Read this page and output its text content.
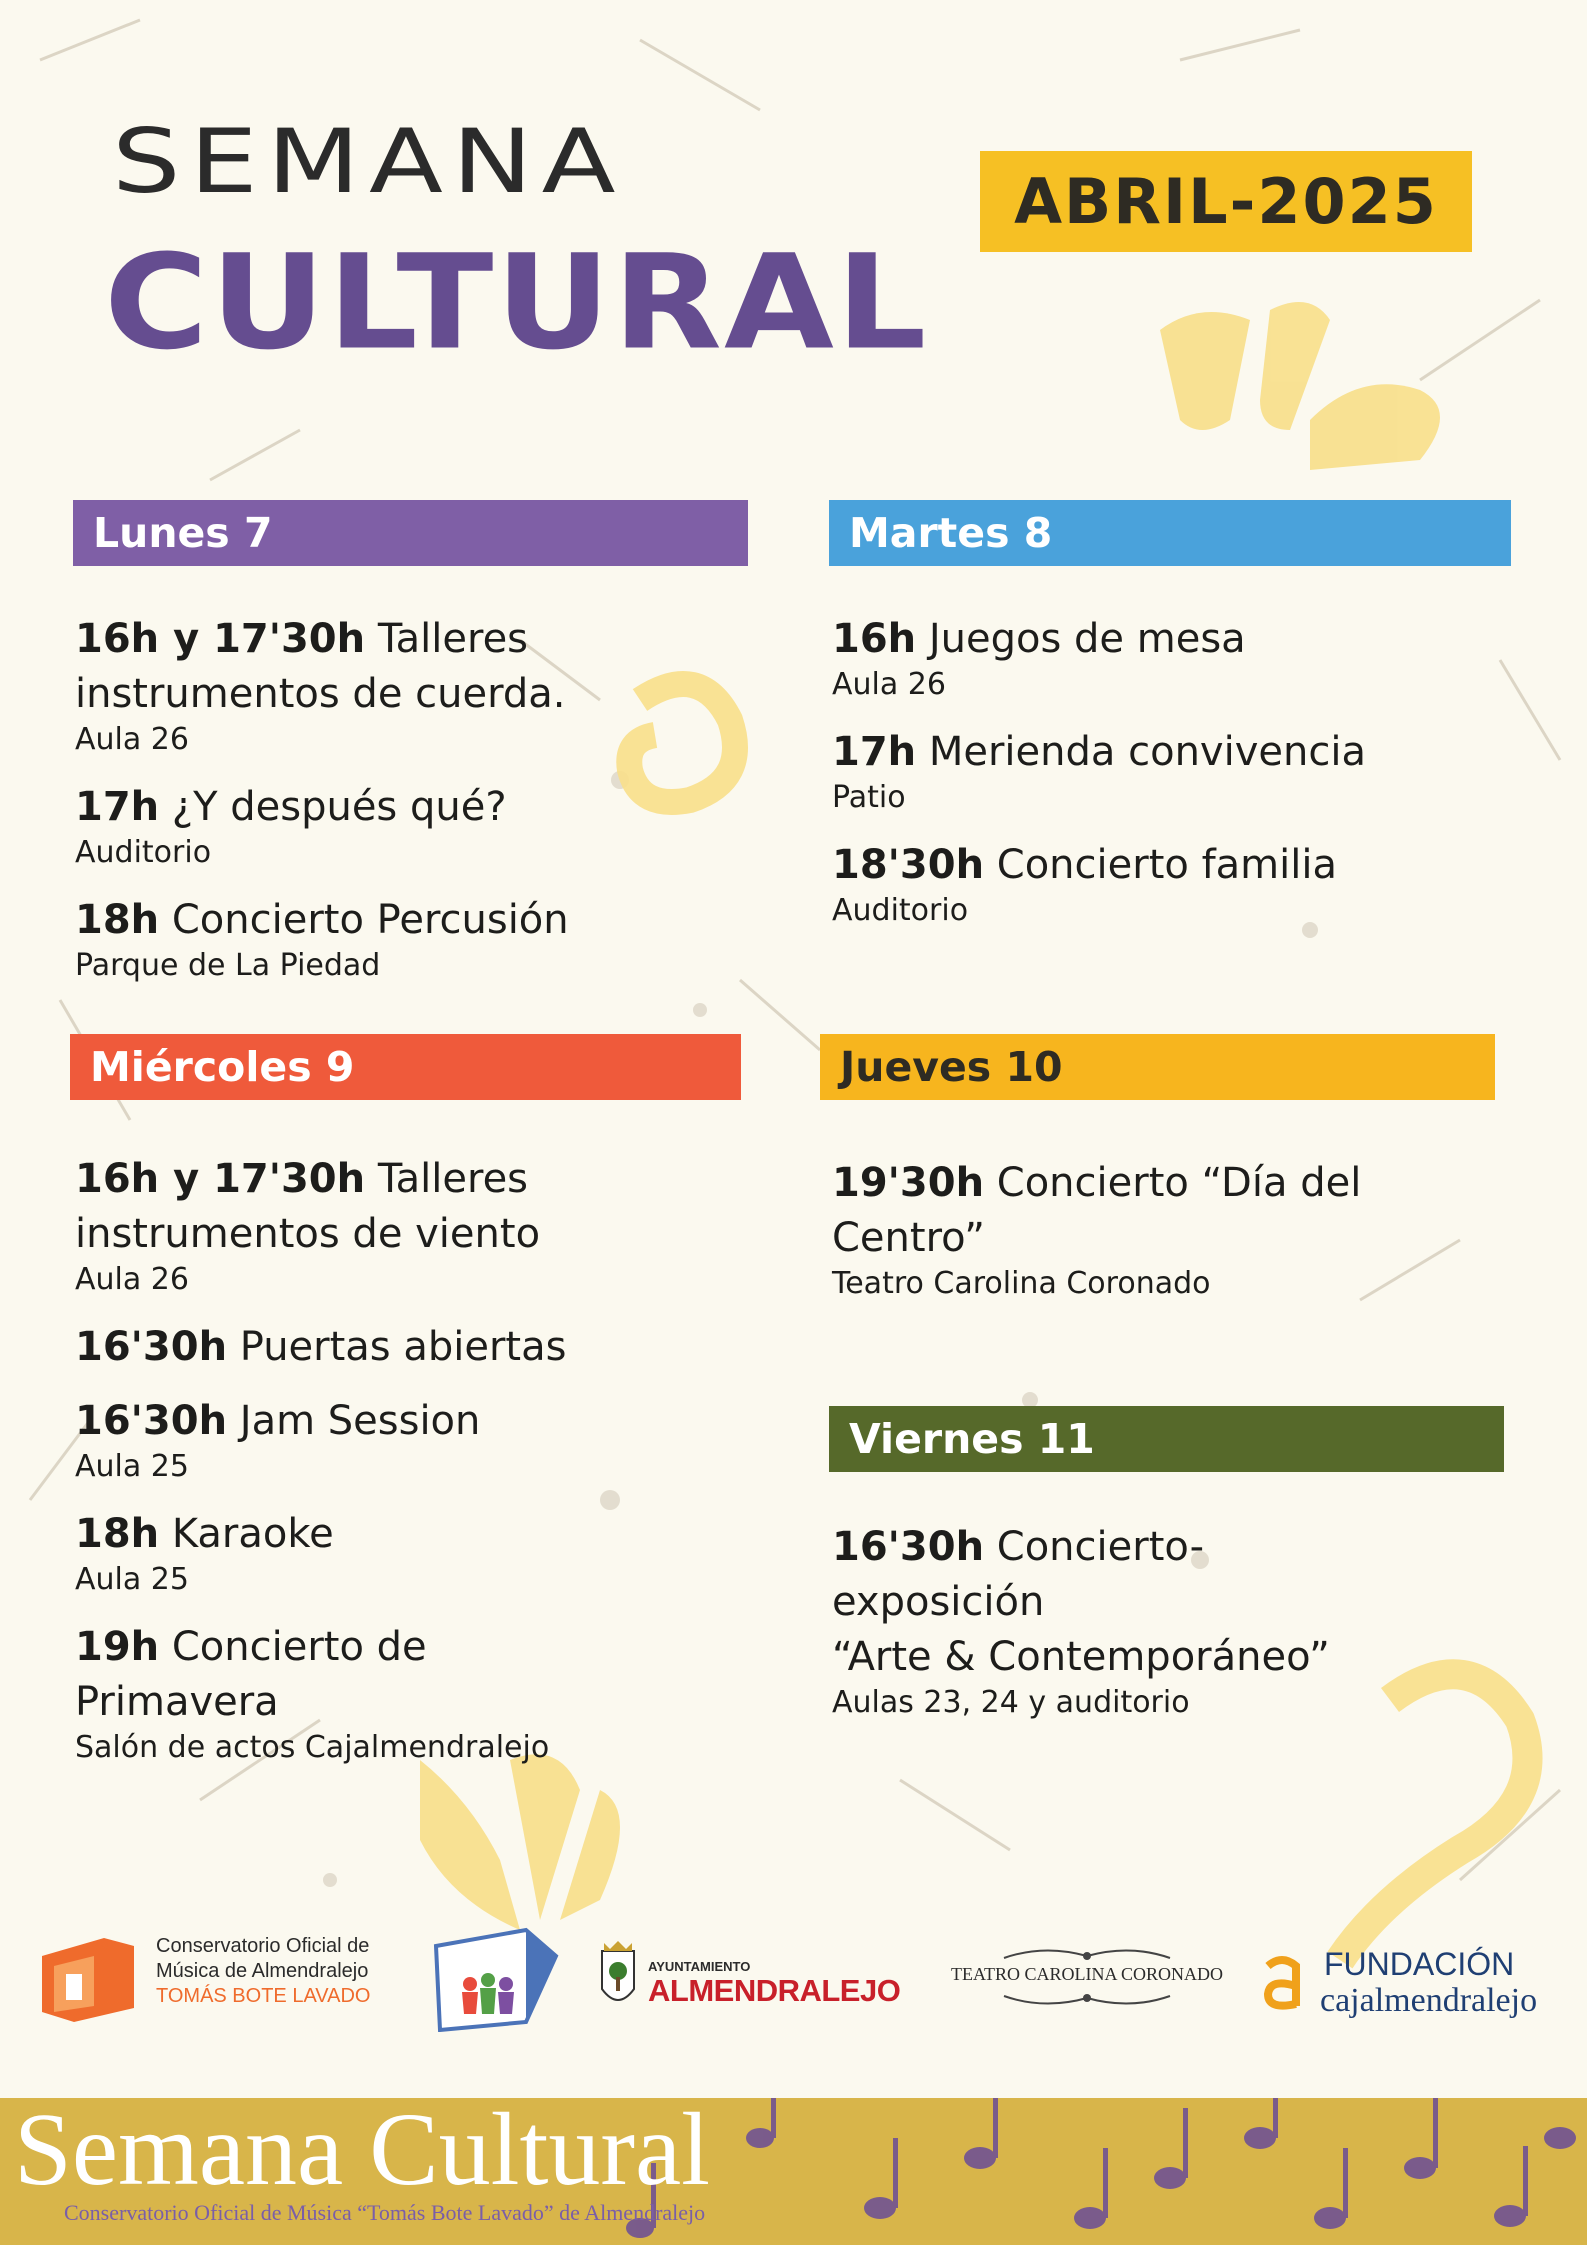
SEMANA
CULTURAL
ABRIL-2025
Lunes 7
16h y 17'30h Talleres
instrumentos de cuerda.
Aula 26
17h ¿Y después qué?
Auditorio
18h Concierto Percusión
Parque de La Piedad
Martes 8
16h Juegos de mesa
Aula 26
17h Merienda convivencia
Patio
18'30h Concierto familia
Auditorio
Miércoles 9
16h y 17'30h Talleres
instrumentos de viento
Aula 26
16'30h Puertas abiertas
16'30h Jam Session
Aula 25
18h Karaoke
Aula 25
19h Concierto de
Primavera
Salón de actos Cajalmendralejo
Jueves 10
19'30h Concierto “Día del
Centro”
Teatro Carolina Coronado
Viernes 11
16'30h Concierto-
exposición
“Arte & Contemporáneo”
Aulas 23, 24 y auditorio
Conservatorio Oficial de
Música de Almendralejo
TOMÁS BOTE LAVADO
AYUNTAMIENTO
ALMENDRALEJO	TEATRO CAROLINA CORONADO	FUNDACIÓN
cajalmendralejo
Semana Cultural
Conservatorio Oficial de Música “Tomás Bote Lavado” de Almendralejo
